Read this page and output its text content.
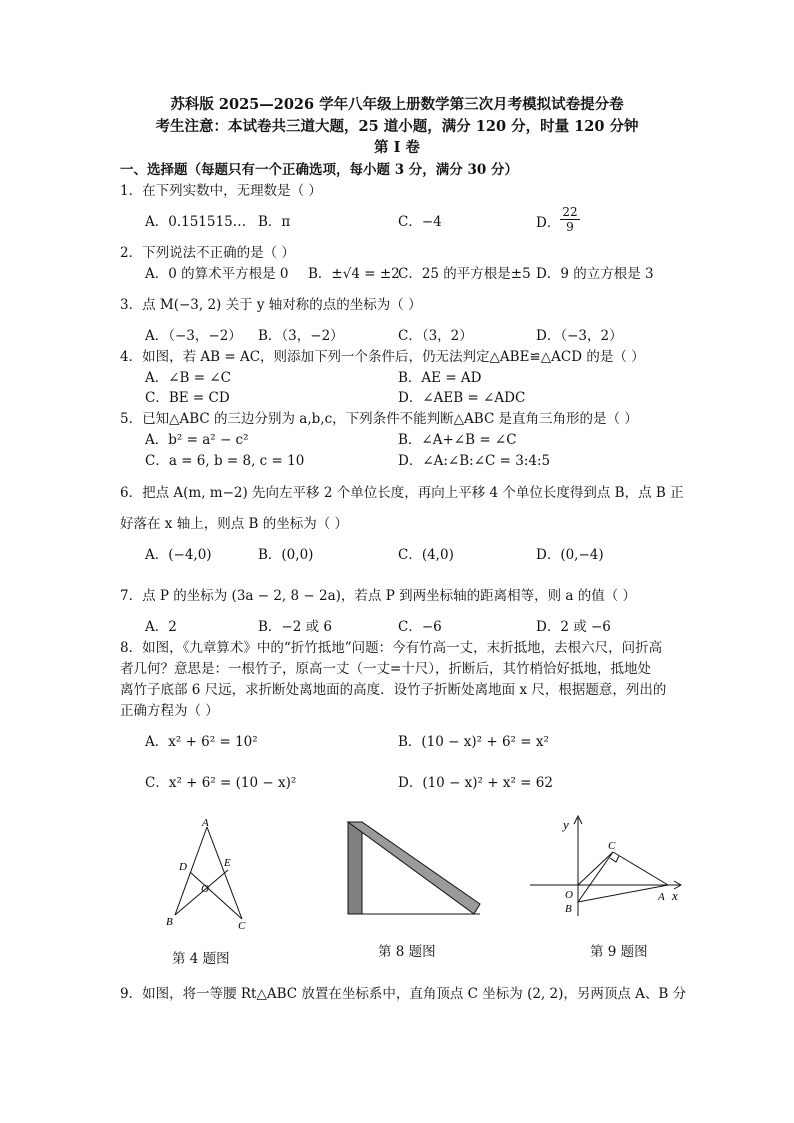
苏科版 2025—2026 学年八年级上册数学第三次月考模拟试卷提分卷
考生注意：本试卷共三道大题，25 道小题，满分 120 分，时量 120 分钟
第 I 卷
一、选择题（每题只有一个正确选项，每小题 3 分，满分 30 分）
1．在下列实数中，无理数是（ ）
A．0.151515… B．π	C．−4	D． $\frac{22}{9}$
2．下列说法不正确的是（ ）
A．0 的算术平方根是 0 B．±√4 = ±2
C．25 的平方根是±5 D．9 的立方根是 3
3．点 M(−3, 2) 关于 y 轴对称的点的坐标为（ ）
A．（−3，−2） B．（3，−2）	C．（3，2）	D．（−3，2）
4．如图，若 AB = AC，则添加下列一个条件后，仍无法判定△ABE≌△ACD 的是（ ）
A．∠B = ∠C	B．AE = AD
C．BE = CD	D．∠AEB = ∠ADC
5．已知△ABC 的三边分别为 a,b,c，下列条件不能判断△ABC 是直角三角形的是（ ）
A．b² = a² − c²	B．∠A+∠B = ∠C
C．a = 6, b = 8, c = 10	D．∠A:∠B:∠C = 3:4:5
6．把点 A(m, m−2) 先向左平移 2 个单位长度，再向上平移 4 个单位长度得到点 B，点 B 正
好落在 x 轴上，则点 B 的坐标为（ ）
A．(−4,0)	B．(0,0)	C．(4,0)	D．(0,−4)
7．点 P 的坐标为 (3a − 2, 8 − 2a)，若点 P 到两坐标轴的距离相等，则 a 的值（ ）
A．2	B．−2 或 6	C．−6	D．2 或 −6
8．如图，《九章算术》中的“折竹抵地”问题：今有竹高一丈，末折抵地，去根六尺，问折高
者几何？意思是：一根竹子，原高一丈（一丈=十尺），折断后，其竹梢恰好抵地，抵地处
离竹子底部 6 尺远，求折断处离地面的高度．设竹子折断处离地面 x 尺，根据题意，列出的
正确方程为（ ）
A．x² + 6² = 10²	B．(10 − x)² + 6² = x²
C．x² + 6² = (10 − x)²	D．(10 − x)² + x² = 62
A
D	E
O
B	C
第 4 题图	第 8 题图
y
x
C
O
B
A
第 9 题图
9．如图，将一等腰 Rt△ABC 放置在坐标系中，直角顶点 C 坐标为 (2, 2)，另两顶点 A、B 分
